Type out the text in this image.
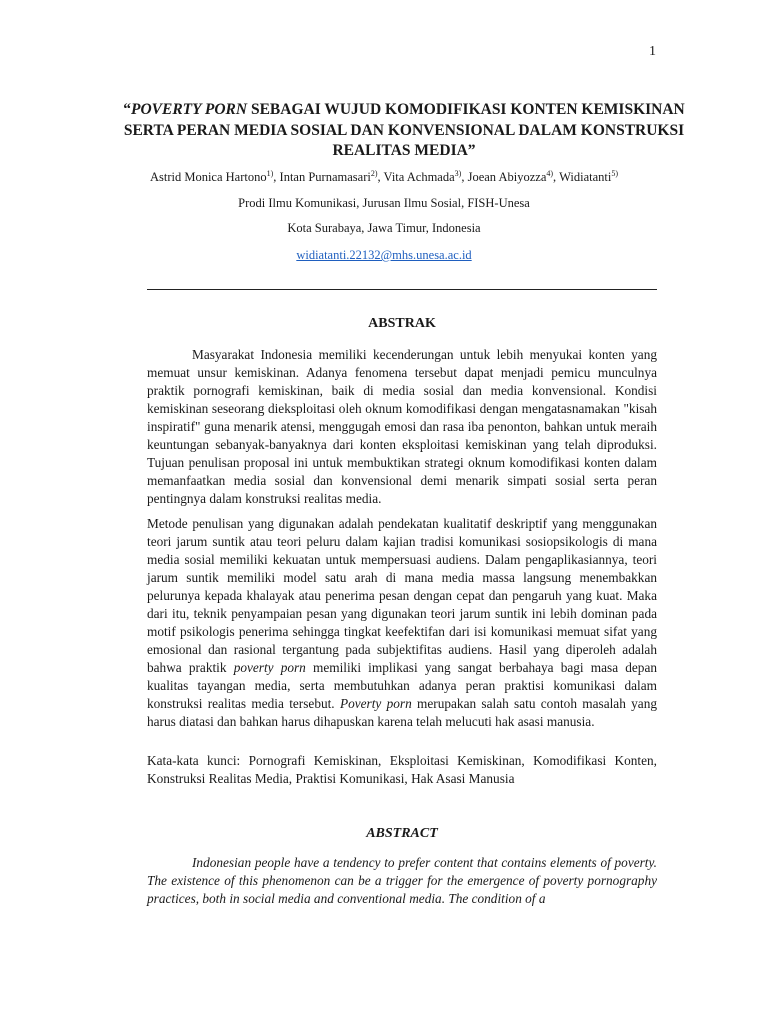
1
“POVERTY PORN SEBAGAI WUJUD KOMODIFIKASI KONTEN KEMISKINAN SERTA PERAN MEDIA SOSIAL DAN KONVENSIONAL DALAM KONSTRUKSI REALITAS MEDIA”
Astrid Monica Hartono$^{1)}$, Intan Purnamasari$^{2)}$, Vita Achmada$^{3)}$, Joean Abiyozza$^{4)}$, Widiatanti$^{5)}$
Prodi Ilmu Komunikasi, Jurusan Ilmu Sosial, FISH-Unesa
Kota Surabaya, Jawa Timur, Indonesia
widiatanti.22132@mhs.unesa.ac.id
ABSTRAK

Masyarakat Indonesia memiliki kecenderungan untuk lebih menyukai konten yang memuat unsur kemiskinan. Adanya fenomena tersebut dapat menjadi pemicu munculnya praktik pornografi kemiskinan, baik di media sosial dan media konvensional. Kondisi kemiskinan seseorang dieksploitasi oleh oknum komodifikasi dengan mengatasnamakan "kisah inspiratif" guna menarik atensi, menggugah emosi dan rasa iba penonton, bahkan untuk meraih keuntungan sebanyak-banyaknya dari konten eksploitasi kemiskinan yang telah diproduksi. Tujuan penulisan proposal ini untuk membuktikan strategi oknum komodifikasi konten dalam memanfaatkan media sosial dan konvensional demi menarik simpati sosial serta peran pentingnya dalam konstruksi realitas media.

Metode penulisan yang digunakan adalah pendekatan kualitatif deskriptif yang menggunakan teori jarum suntik atau teori peluru dalam kajian tradisi komunikasi sosiopsikologis di mana media sosial memiliki kekuatan untuk mempersuasi audiens. Dalam pengaplikasiannya, teori jarum suntik memiliki model satu arah di mana media massa langsung menembakkan pelurunya kepada khalayak atau penerima pesan dengan cepat dan pengaruh yang kuat. Maka dari itu, teknik penyampaian pesan yang digunakan teori jarum suntik ini lebih dominan pada motif psikologis penerima sehingga tingkat keefektifan dari isi komunikasi memuat sifat yang emosional dan rasional tergantung pada subjektifitas audiens. Hasil yang diperoleh adalah bahwa praktik poverty porn memiliki implikasi yang sangat berbahaya bagi masa depan kualitas tayangan media, serta membutuhkan adanya peran praktisi komunikasi dalam konstruksi realitas media tersebut. Poverty porn merupakan salah satu contoh masalah yang harus diatasi dan bahkan harus dihapuskan karena telah melucuti hak asasi manusia.

Kata-kata kunci: Pornografi Kemiskinan, Eksploitasi Kemiskinan, Komodifikasi Konten, Konstruksi Realitas Media, Praktisi Komunikasi, Hak Asasi Manusia

ABSTRACT

Indonesian people have a tendency to prefer content that contains elements of poverty. The existence of this phenomenon can be a trigger for the emergence of poverty pornography practices, both in social media and conventional media. The condition of a
